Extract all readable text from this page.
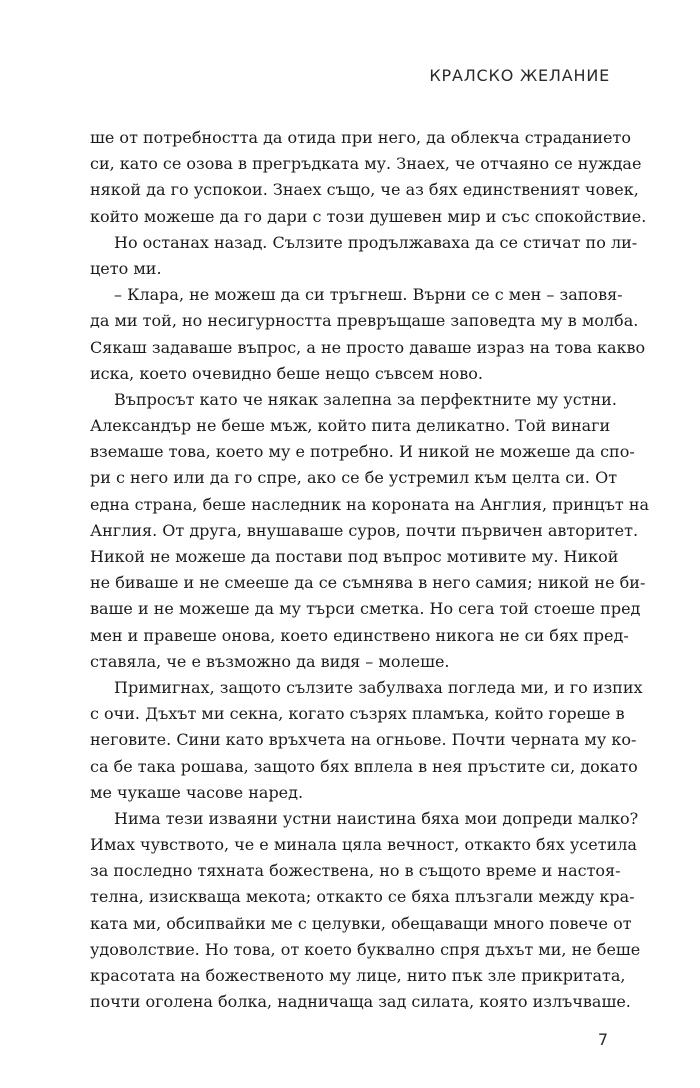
КРАЛСКО ЖЕЛАНИЕ
ше от потребността да отида при него, да облекча страданието
си, като се озова в прегръдката му. Знаех, че отчаяно се нуждае
някой да го успокои. Знаех също, че аз бях единственият човек,
който можеше да го дари с този душевен мир и със спокойствие.
Но останах назад. Сълзите продължаваха да се стичат по ли-
цето ми.
– Клара, не можеш да си тръгнеш. Върни се с мен – заповя-
да ми той, но несигурността превръщаше заповедта му в молба.
Сякаш задаваше въпрос, а не просто даваше израз на това какво
иска, което очевидно беше нещо съвсем ново.
Въпросът като че някак залепна за перфектните му устни.
Александър не беше мъж, който пита деликатно. Той винаги
вземаше това, което му е потребно. И никой не можеше да спо-
ри с него или да го спре, ако се бе устремил към целта си. От
една страна, беше наследник на короната на Англия, принцът на
Англия. От друга, внушаваше суров, почти първичен авторитет.
Никой не можеше да постави под въпрос мотивите му. Никой
не биваше и не смееше да се съмнява в него самия; никой не би-
ваше и не можеше да му търси сметка. Но сега той стоеше пред
мен и правеше онова, което единствено никога не си бях пред-
ставяла, че е възможно да видя – молеше.
Примигнах, защото сълзите забулваха погледа ми, и го изпих
с очи. Дъхът ми секна, когато съзрях пламъка, който гореше в
неговите. Сини като връхчета на огньове. Почти черната му ко-
са бе така рошава, защото бях вплела в нея пръстите си, докато
ме чукаше часове наред.
Нима тези изваяни устни наистина бяха мои допреди малко?
Имах чувството, че е минала цяла вечност, откакто бях усетила
за последно тяхната божествена, но в същото време и настоя-
телна, изискваща мекота; откакто се бяха плъзгали между кра-
ката ми, обсипвайки ме с целувки, обещаващи много повече от
удоволствие. Но това, от което буквално спря дъхът ми, не беше
красотата на божественото му лице, нито пък зле прикритата,
почти оголена болка, надничаща зад силата, която излъчваше.
7
